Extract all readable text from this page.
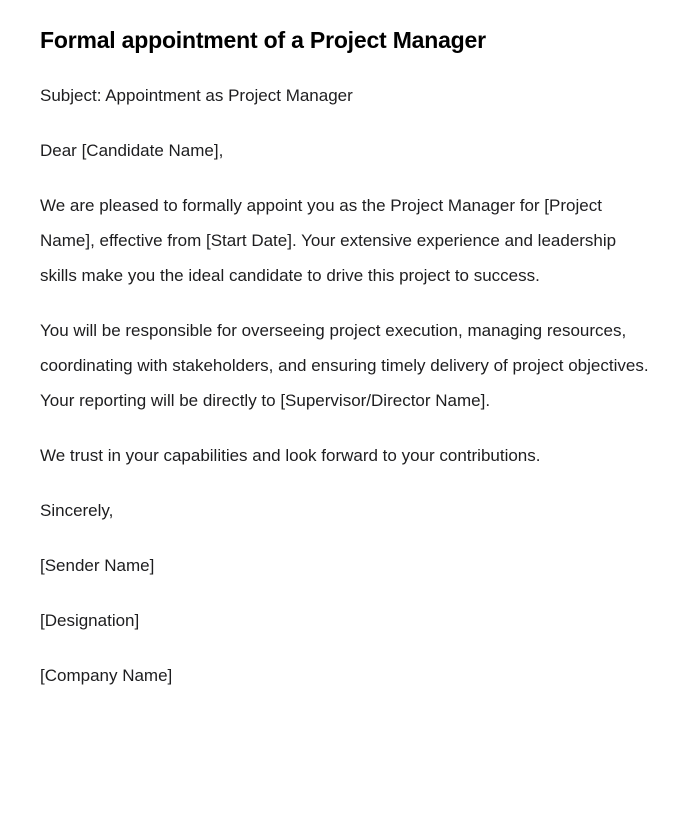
Formal appointment of a Project Manager

Subject: Appointment as Project Manager

Dear [Candidate Name],

We are pleased to formally appoint you as the Project Manager for [Project Name], effective from [Start Date]. Your extensive experience and leadership skills make you the ideal candidate to drive this project to success.

You will be responsible for overseeing project execution, managing resources, coordinating with stakeholders, and ensuring timely delivery of project objectives. Your reporting will be directly to [Supervisor/Director Name].

We trust in your capabilities and look forward to your contributions.

Sincerely,

[Sender Name]

[Designation]

[Company Name]
